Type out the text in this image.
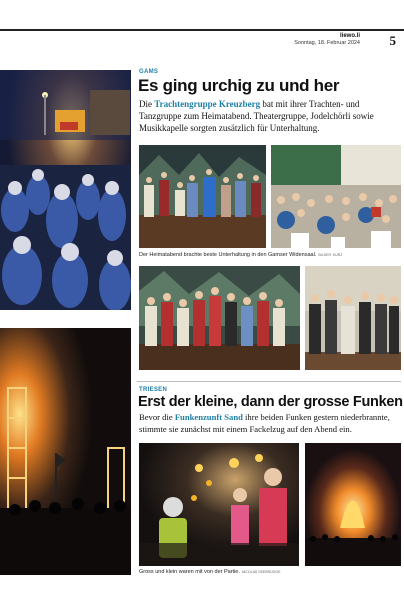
liewo.li
Sonntag, 18. Februar 2024 5
GAMS
Es ging urchig zu und her
Die Trachtengruppe Kreuzberg bat mit ihrer Trachten- und Tanzgruppe zum Heimatabend. Theatergruppe, Jodelchörli sowie Musikkapelle sorgten zusätzlich für Unterhaltung.
Der Heimatabend brachte beste Unterhaltung in den Gamser Widensaal. BILDER: KURZ
TRIESEN
Erst der kleine, dann der grosse Funken
Bevor die Funkenzunft Sand ihre beiden Funken gestern niederbrannte, stimmte sie zunächst mit einem Fackelzug auf den Abend ein.
Gross und klein waren mit von der Partie. NICOLAS SEEBRÜGGE
